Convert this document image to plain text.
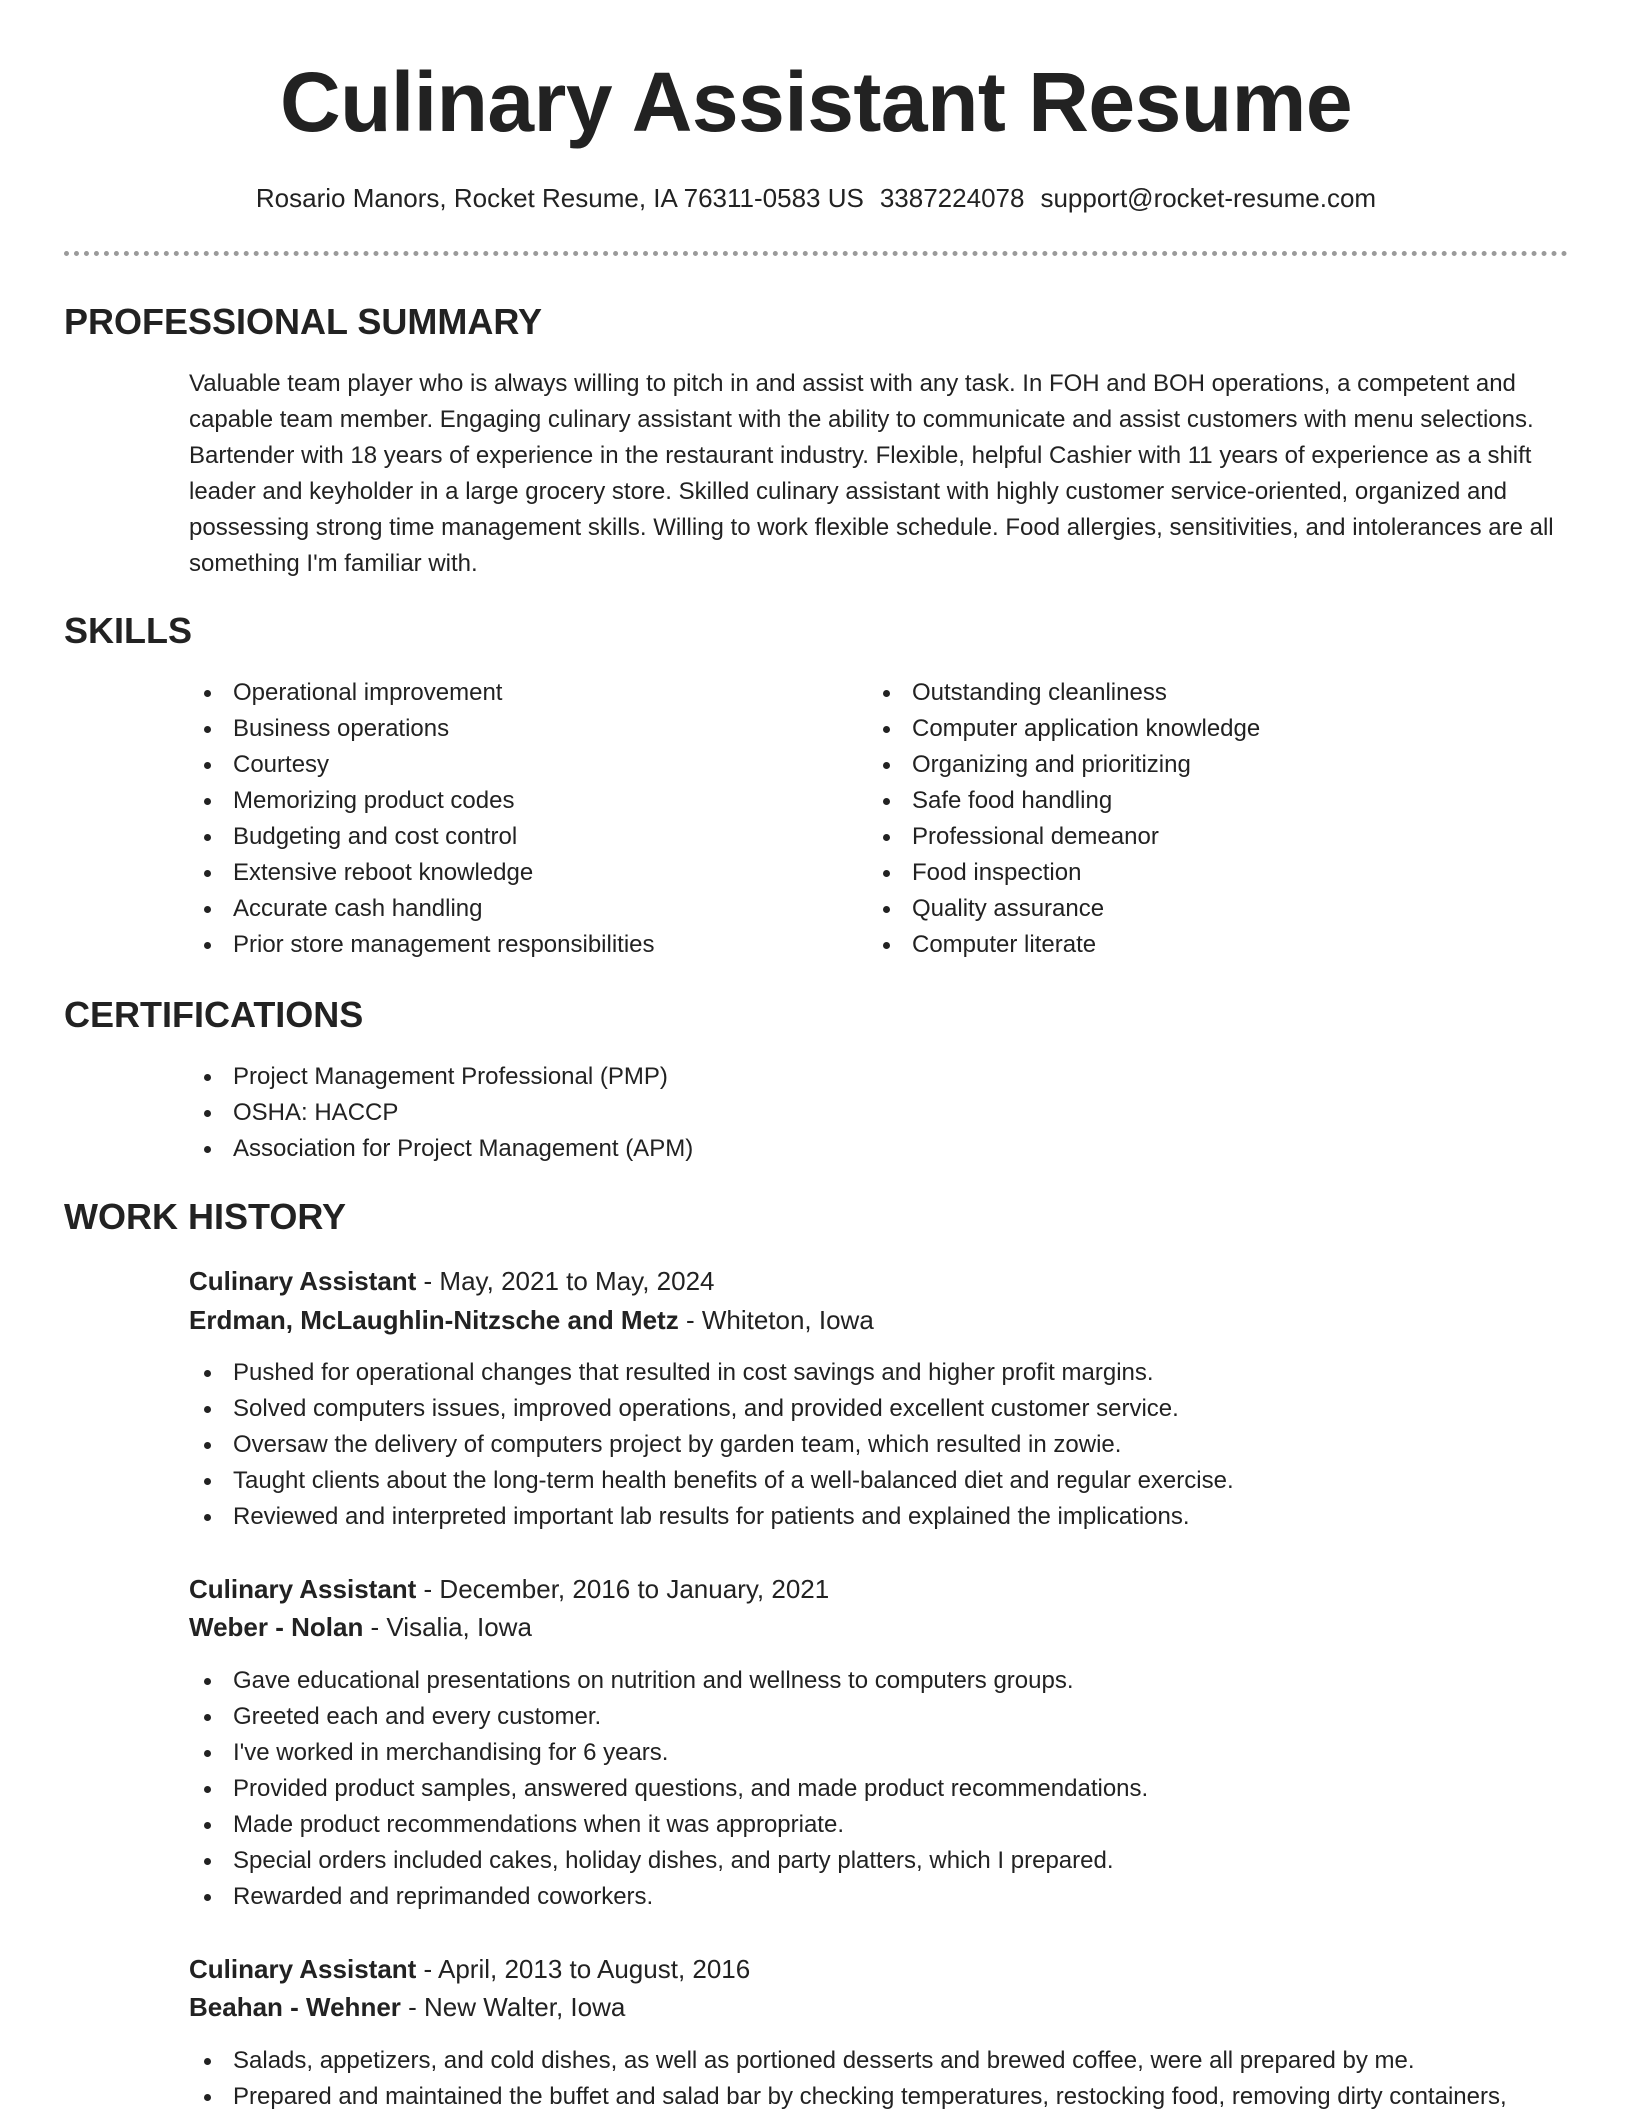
Culinary Assistant Resume
Rosario Manors, Rocket Resume, IA 76311-0583 US 3387224078 support@rocket-resume.com
PROFESSIONAL SUMMARY

Valuable team player who is always willing to pitch in and assist with any task. In FOH and BOH operations, a competent and capable team member. Engaging culinary assistant with the ability to communicate and assist customers with menu selections. Bartender with 18 years of experience in the restaurant industry. Flexible, helpful Cashier with 11 years of experience as a shift leader and keyholder in a large grocery store. Skilled culinary assistant with highly customer service-oriented, organized and possessing strong time management skills. Willing to work flexible schedule. Food allergies, sensitivities, and intolerances are all something I'm familiar with.

SKILLS
Operational improvement
Business operations
Courtesy
Memorizing product codes
Budgeting and cost control
Extensive reboot knowledge
Accurate cash handling
Prior store management responsibilities
Outstanding cleanliness
Computer application knowledge
Organizing and prioritizing
Safe food handling
Professional demeanor
Food inspection
Quality assurance
Computer literate
CERTIFICATIONS
Project Management Professional (PMP)
OSHA: HACCP
Association for Project Management (APM)
WORK HISTORY
Culinary Assistant - May, 2021 to May, 2024
Erdman, McLaughlin-Nitzsche and Metz - Whiteton, Iowa
Pushed for operational changes that resulted in cost savings and higher profit margins.
Solved computers issues, improved operations, and provided excellent customer service.
Oversaw the delivery of computers project by garden team, which resulted in zowie.
Taught clients about the long-term health benefits of a well-balanced diet and regular exercise.
Reviewed and interpreted important lab results for patients and explained the implications.
Culinary Assistant - December, 2016 to January, 2021
Weber - Nolan - Visalia, Iowa
Gave educational presentations on nutrition and wellness to computers groups.
Greeted each and every customer.
I've worked in merchandising for 6 years.
Provided product samples, answered questions, and made product recommendations.
Made product recommendations when it was appropriate.
Special orders included cakes, holiday dishes, and party platters, which I prepared.
Rewarded and reprimanded coworkers.
Culinary Assistant - April, 2013 to August, 2016
Beahan - Wehner - New Walter, Iowa
Salads, appetizers, and cold dishes, as well as portioned desserts and brewed coffee, were all prepared by me.
Prepared and maintained the buffet and salad bar by checking temperatures, restocking food, removing dirty containers,
